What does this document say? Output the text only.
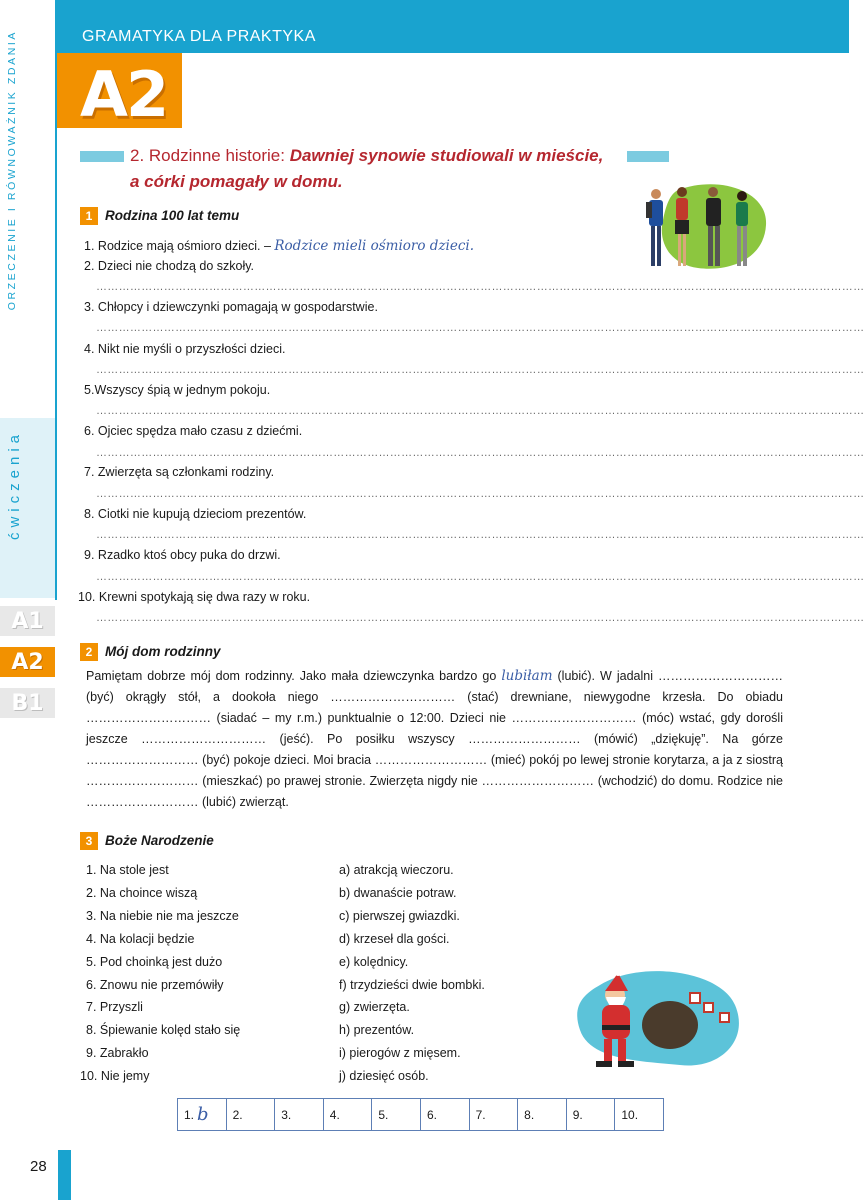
GRAMATYKA DLA PRAKTYKA
A2
ORZECZENIE I RÓWNOWAŻNIK ZDANIA
ćwiczenia
A1
A2
B1
28
2. Rodzinne historie: Dawniej synowie studiowali w mieście,
a córki pomagały w domu.
1 Rodzina 100 lat temu
1. Rodzice mają ośmioro dzieci. – Rodzice mieli ośmioro dzieci.
2. Dzieci nie chodzą do szkoły.
……………………………………………………………………………………………………………………………………………………………………………………
3. Chłopcy i dziewczynki pomagają w gospodarstwie.
……………………………………………………………………………………………………………………………………………………………………………………
4. Nikt nie myśli o przyszłości dzieci.
……………………………………………………………………………………………………………………………………………………………………………………
5.Wszyscy śpią w jednym pokoju.
……………………………………………………………………………………………………………………………………………………………………………………
6. Ojciec spędza mało czasu z dziećmi.
……………………………………………………………………………………………………………………………………………………………………………………
7. Zwierzęta są członkami rodziny.
……………………………………………………………………………………………………………………………………………………………………………………
8. Ciotki nie kupują dzieciom prezentów.
……………………………………………………………………………………………………………………………………………………………………………………
9. Rzadko ktoś obcy puka do drzwi.
……………………………………………………………………………………………………………………………………………………………………………………
10. Krewni spotykają się dwa razy w roku.
……………………………………………………………………………………………………………………………………………………………………………………
2 Mój dom rodzinny
Pamiętam dobrze mój dom rodzinny. Jako mała dziewczynka bardzo go lubiłam (lubić). W jadalni ………………………… (być) okrągły stół, a dookoła niego ………………………… (stać) drewniane, niewygodne krzesła. Do obiadu ………………………… (siadać – my r.m.) punktualnie o 12:00. Dzieci nie ………………………… (móc) wstać, gdy dorośli jeszcze ………………………… (jeść). Po posiłku wszyscy ……………………… (mówić) „dziękuję”. Na górze ……………………… (być) pokoje dzieci. Moi bracia ……………………… (mieć) pokój po lewej stronie korytarza, a ja z siostrą ……………………… (mieszkać) po prawej stronie. Zwierzęta nigdy nie ……………………… (wchodzić) do domu. Rodzice nie ……………………… (lubić) zwierząt.
3 Boże Narodzenie
1. Na stole jest
2. Na choince wiszą
3. Na niebie nie ma jeszcze
4. Na kolacji będzie
5. Pod choinką jest dużo
6. Znowu nie przemówiły
7. Przyszli
8. Śpiewanie kolęd stało się
9. Zabrakło
10. Nie jemy
a) atrakcją wieczoru.
b) dwanaście potraw.
c) pierwszej gwiazdki.
d) krzeseł dla gości.
e) kolędnicy.
f) trzydzieści dwie bombki.
g) zwierzęta.
h) prezentów.
i) pierogów z mięsem.
j) dziesięć osób.
1. b	2.	3.	4.	5.	6.	7.	8.	9.	10.
